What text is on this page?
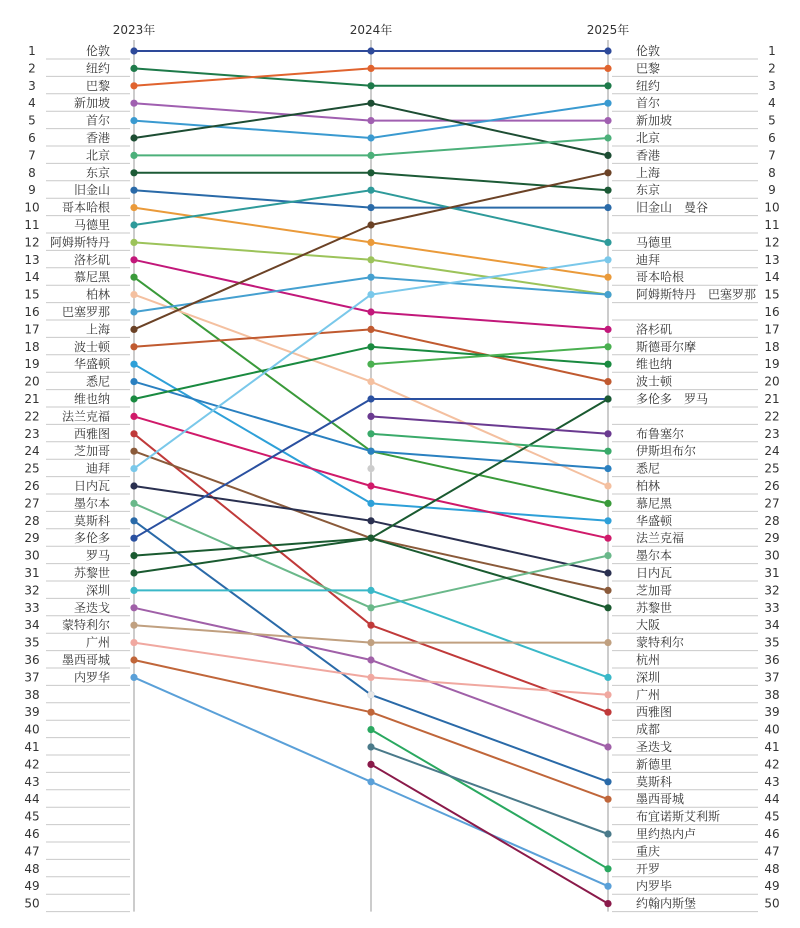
2023年	2024年	2025年
1
2
3
4
5
6
7
8
9
10
11
12
13
14
15
16
17
18
19
20
21
22
23
24
25
26
27
28
29
30
31
32
33
34
35
36
37
38
39
40
41
42
43
44
45
46
47
48
49
50
1
2
3
4
5
6
7
8
9
10
11
12
13
14
15
16
17
18
19
20
21
22
23
24
25
26
27
28
29
30
31
32
33
34
35
36
37
38
39
40
41
42
43
44
45
46
47
48
49
50
伦敦
纽约
巴黎
新加坡
首尔
香港
北京
东京
旧金山
哥本哈根
马德里
阿姆斯特丹
洛杉矶
慕尼黑
柏林
巴塞罗那
上海
波士顿
华盛顿
悉尼
维也纳
法兰克福
西雅图
芝加哥
迪拜
日内瓦
墨尔本
莫斯科
多伦多
罗马
苏黎世
深圳
圣迭戈
蒙特利尔
广州
墨西哥城
内罗华
伦敦
巴黎
纽约
首尔
新加坡
北京
香港
上海
东京
旧金山　曼谷
马德里
迪拜
哥本哈根
阿姆斯特丹　巴塞罗那
洛杉矶
斯德哥尔摩
维也纳
波士顿
多伦多　罗马
布鲁塞尔
伊斯坦布尔
悉尼
柏林
慕尼黑
华盛顿
法兰克福
墨尔本
日内瓦
芝加哥
苏黎世
大阪
蒙特利尔
杭州
深圳
广州
西雅图
成都
圣迭戈
新德里
莫斯科
墨西哥城
布宜诺斯艾利斯
里约热内卢
重庆
开罗
内罗毕
约翰内斯堡
